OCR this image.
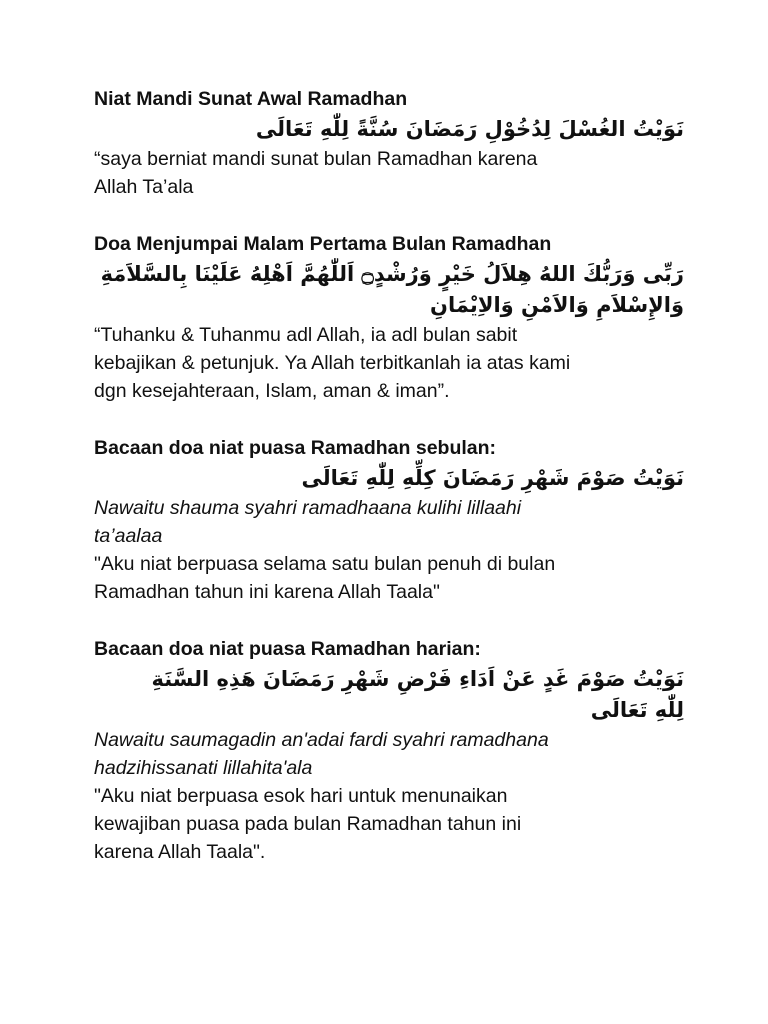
Niat Mandi Sunat Awal Ramadhan

نَوَيْتُ الغُسْلَ لِدُخُوْلِ رَمَضَانَ سُنَّةً لِلّٰهِ تَعَالَى

“saya berniat mandi sunat bulan Ramadhan karena

Allah Ta’ala

Doa Menjumpai Malam Pertama Bulan Ramadhan

رَبِّى وَرَبُّكَ اللهُ هِلاَلُ خَيْرٍ وَرُشْدٍ۝ اَللّٰهُمَّ اَهْلِهُ عَلَيْنَا بِالسَّلاَمَةِ

وَالإِسْلاَمِ وَالاَمْنِ وَالاِيْمَانِ

“Tuhanku & Tuhanmu adl Allah, ia adl bulan sabit

kebajikan & petunjuk. Ya Allah terbitkanlah ia atas kami

dgn kesejahteraan, Islam, aman & iman”.

Bacaan doa niat puasa Ramadhan sebulan:

نَوَيْتُ صَوْمَ شَهْرِ رَمَضَانَ كِلِّهِ لِلّٰهِ تَعَالَى

Nawaitu shauma syahri ramadhaana kulihi lillaahi

ta’aalaa

"Aku niat berpuasa selama satu bulan penuh di bulan

Ramadhan tahun ini karena Allah Taala"

Bacaan doa niat puasa Ramadhan harian:

نَوَيْتُ صَوْمَ غَدٍ عَنْ اَدَاءِ فَرْضِ شَهْرِ رَمَضَانَ هَذِهِ السَّنَةِ

لِلّٰهِ تَعَالَى

Nawaitu saumagadin an'adai fardi syahri ramadhana

hadzihissanati lillahita'ala

"Aku niat berpuasa esok hari untuk menunaikan

kewajiban puasa pada bulan Ramadhan tahun ini

karena Allah Taala".
